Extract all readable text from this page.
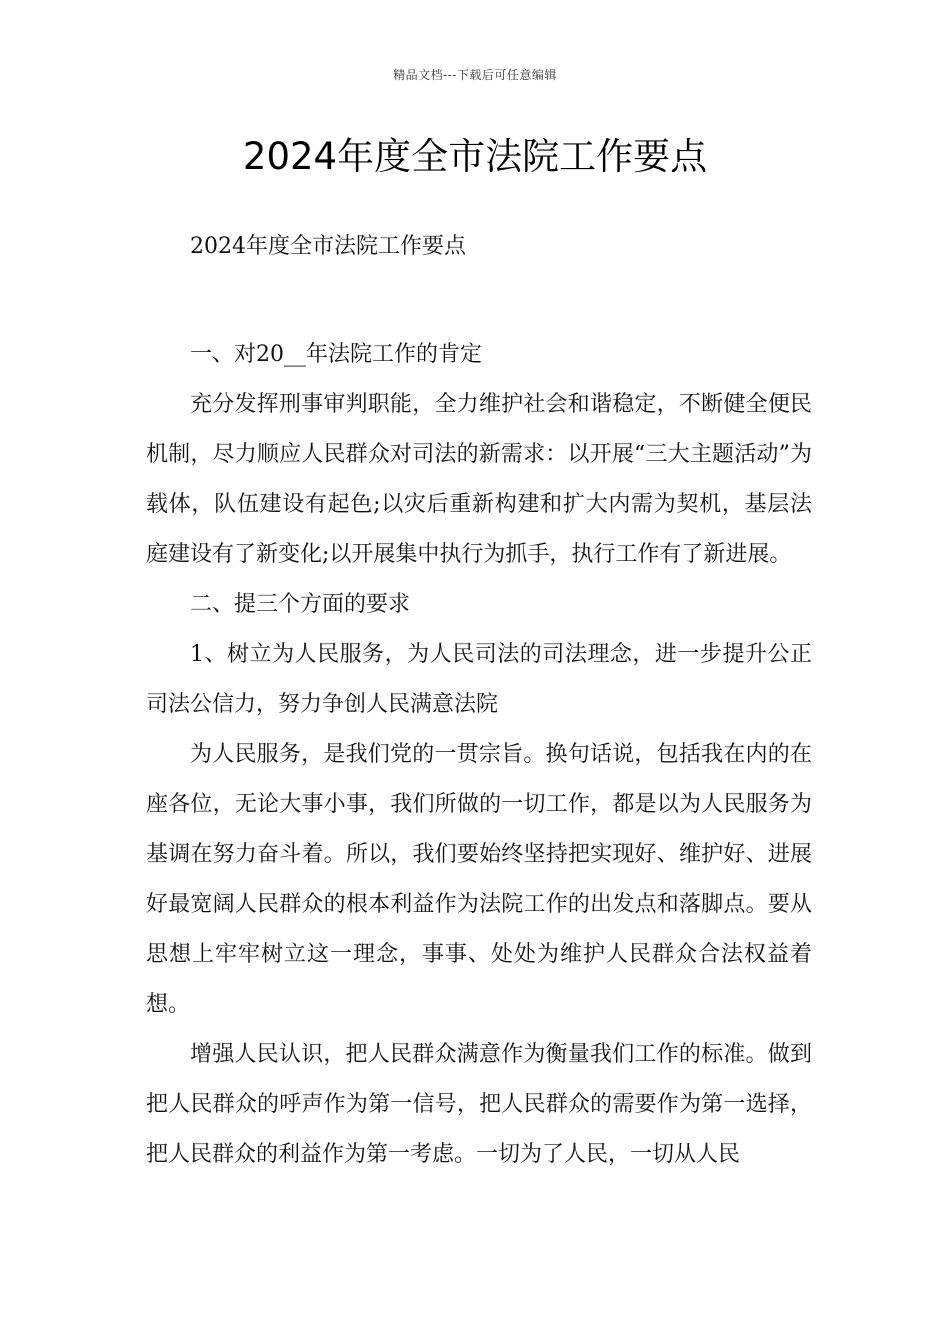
精品文档---下载后可任意编辑
2024年度全市法院工作要点

2024年度全市法院工作要点

一、对20__年法院工作的肯定

充分发挥刑事审判职能，全力维护社会和谐稳定，不断健全便民机制，尽力顺应人民群众对司法的新需求：以开展“三大主题活动”为载体，队伍建设有起色;以灾后重新构建和扩大内需为契机，基层法庭建设有了新变化;以开展集中执行为抓手，执行工作有了新进展。

二、提三个方面的要求

1、树立为人民服务，为人民司法的司法理念，进一步提升公正司法公信力，努力争创人民满意法院

为人民服务，是我们党的一贯宗旨。换句话说，包括我在内的在座各位，无论大事小事，我们所做的一切工作，都是以为人民服务为基调在努力奋斗着。所以，我们要始终坚持把实现好、维护好、进展好最宽阔人民群众的根本利益作为法院工作的出发点和落脚点。要从思想上牢牢树立这一理念，事事、处处为维护人民群众合法权益着想。

增强人民认识，把人民群众满意作为衡量我们工作的标准。做到把人民群众的呼声作为第一信号，把人民群众的需要作为第一选择，把人民群众的利益作为第一考虑。一切为了人民，一切从人民
